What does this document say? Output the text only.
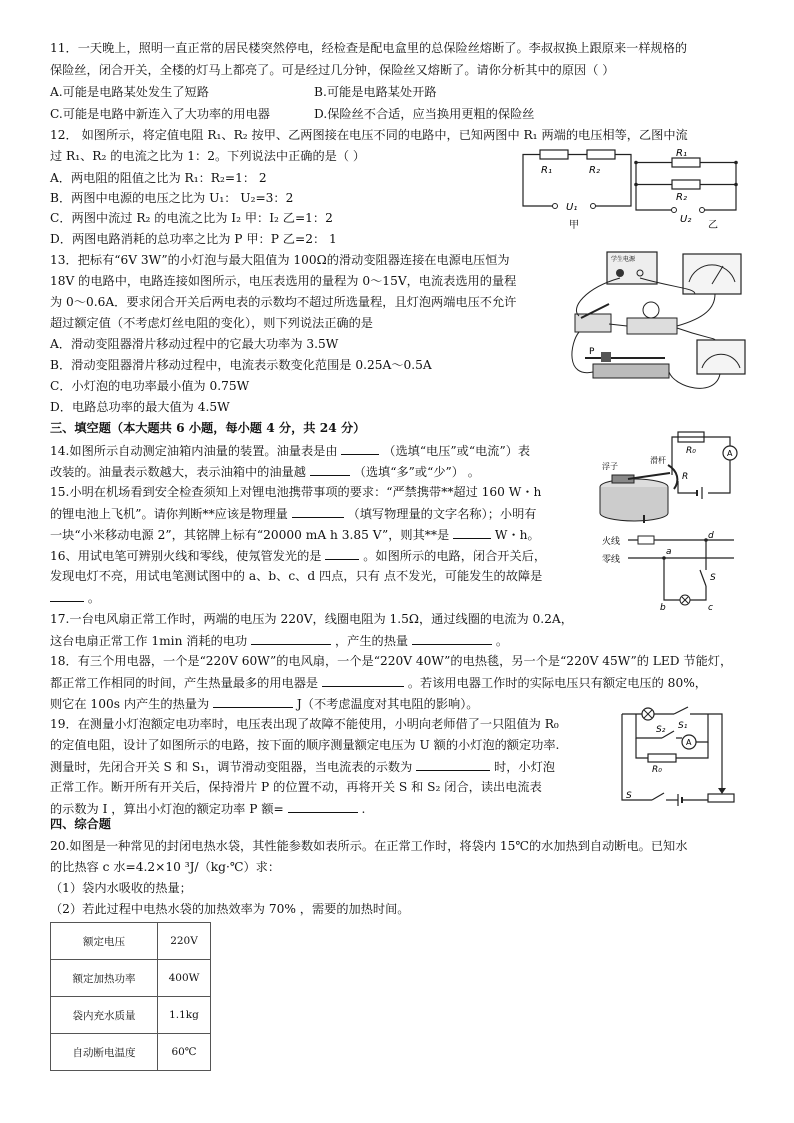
11．一天晚上，照明一直正常的居民楼突然停电，经检查是配电盒里的总保险丝熔断了。李叔叔换上跟原来一样规格的
保险丝，闭合开关，全楼的灯马上都亮了。可是经过几分钟，保险丝又熔断了。请你分析其中的原因（ ）
A.可能是电路某处发生了短路	B.可能是电路某处开路
C.可能是电路中新连入了大功率的用电器	D.保险丝不合适，应当换用更粗的保险丝
12． 如图所示，将定值电阻 R₁、R₂ 按甲、乙两图接在电压不同的电路中，已知两图中 R₁ 两端的电压相等，乙图中流
过 R₁、R₂ 的电流之比为 1：2。下列说法中正确的是（ ）
A．两电阻的阻值之比为 R₁：R₂=1： 2
B．两图中电源的电压之比为 U₁： U₂=3：2
C．两图中流过 R₂ 的电流之比为 I₂ 甲：I₂ 乙=1：2
D．两图电路消耗的总功率之比为 P 甲：P 乙=2： 1
R₁	R₂
U₁
甲
R₁
R₂
U₂
乙
13．把标有“6V 3W”的小灯泡与最大阻值为 100Ω的滑动变阻器连接在电源电压恒为
18V 的电路中，电路连接如图所示，电压表选用的量程为 0～15V，电流表选用的量程
为 0～0.6A．要求闭合开关后两电表的示数均不超过所选量程，且灯泡两端电压不允许
超过额定值（不考虑灯丝电阻的变化），则下列说法正确的是
A．滑动变阻器滑片移动过程中的它最大功率为 3.5W
B．滑动变阻器滑片移动过程中，电流表示数变化范围是 0.25A～0.5A
C．小灯泡的电功率最小值为 0.75W
D．电路总功率的最大值为 4.5W
学生电源
P
三、填空题（本大题共 6 小题，每小题 4 分，共 24 分）
14.如图所示自动测定油箱内油量的装置。油量表是由	（选填“电压”或“电流”）表
改装的。油量表示数越大，表示油箱中的油量越	（选填“多”或“少”） 。
R₀	A
R
浮子
滑杆
15.小明在机场看到安全检查须知上对锂电池携带事项的要求：“严禁携带**超过 160 W・h
的锂电池上飞机”。请你判断**应该是物理量	（填写物理量的文字名称）；小明有
一块“小米移动电源 2”，其铭牌上标有“20000 mA h 3.85 V”，则其**是	W・h。
16、用试电笔可辨别火线和零线，使氖管发光的是	。如图所示的电路，闭合开关后，
发现电灯不亮，用试电笔测试图中的 a、b、c、d 四点，只有 点不发光，可能发生的故障是
。
火线
零线
a
d
b	c
S
17.一台电风扇正常工作时，两端的电压为 220V，线圈电阻为 1.5Ω，通过线圈的电流为 0.2A，
这台电扇正常工作 1min 消耗的电功	，产生的热量	。
18．有三个用电器，一个是“220V 60W”的电风扇，一个是“220V 40W”的电热毯，另一个是“220V 45W”的 LED 节能灯，
都正常工作相同的时间，产生热量最多的用电器是	。若该用电器工作时的实际电压只有额定电压的 80%，
则它在 100s 内产生的热量为	J（不考虑温度对其电阻的影响）。
19．在测量小灯泡额定电功率时，电压表出现了故障不能使用，小明向老师借了一只阻值为 R₀
的定值电阻，设计了如图所示的电路，按下面的顺序测量额定电压为 U 额的小灯泡的额定功率.
测量时，先闭合开关 S 和 S₁，调节滑动变阻器，当电流表的示数为	时，小灯泡
正常工作。断开所有开关后，保持滑片 P 的位置不动，再将开关 S 和 S₂ 闭合，读出电流表
的示数为 I ，算出小灯泡的额定功率 P 额=	.
S₁
S₂
A
R₀
S
四、综合题
20.如图是一种常见的封闭电热水袋，其性能参数如表所示。在正常工作时，将袋内 15℃的水加热到自动断电。已知水
的比热容 c 水=4.2×10 ³J/（kg·℃）求：
（1）袋内水吸收的热量；
（2）若此过程中电热水袋的加热效率为 70% ，需要的加热时间。
额定电压	220V
额定加热功率	400W
袋内充水质量	1.1kg
自动断电温度	60℃
